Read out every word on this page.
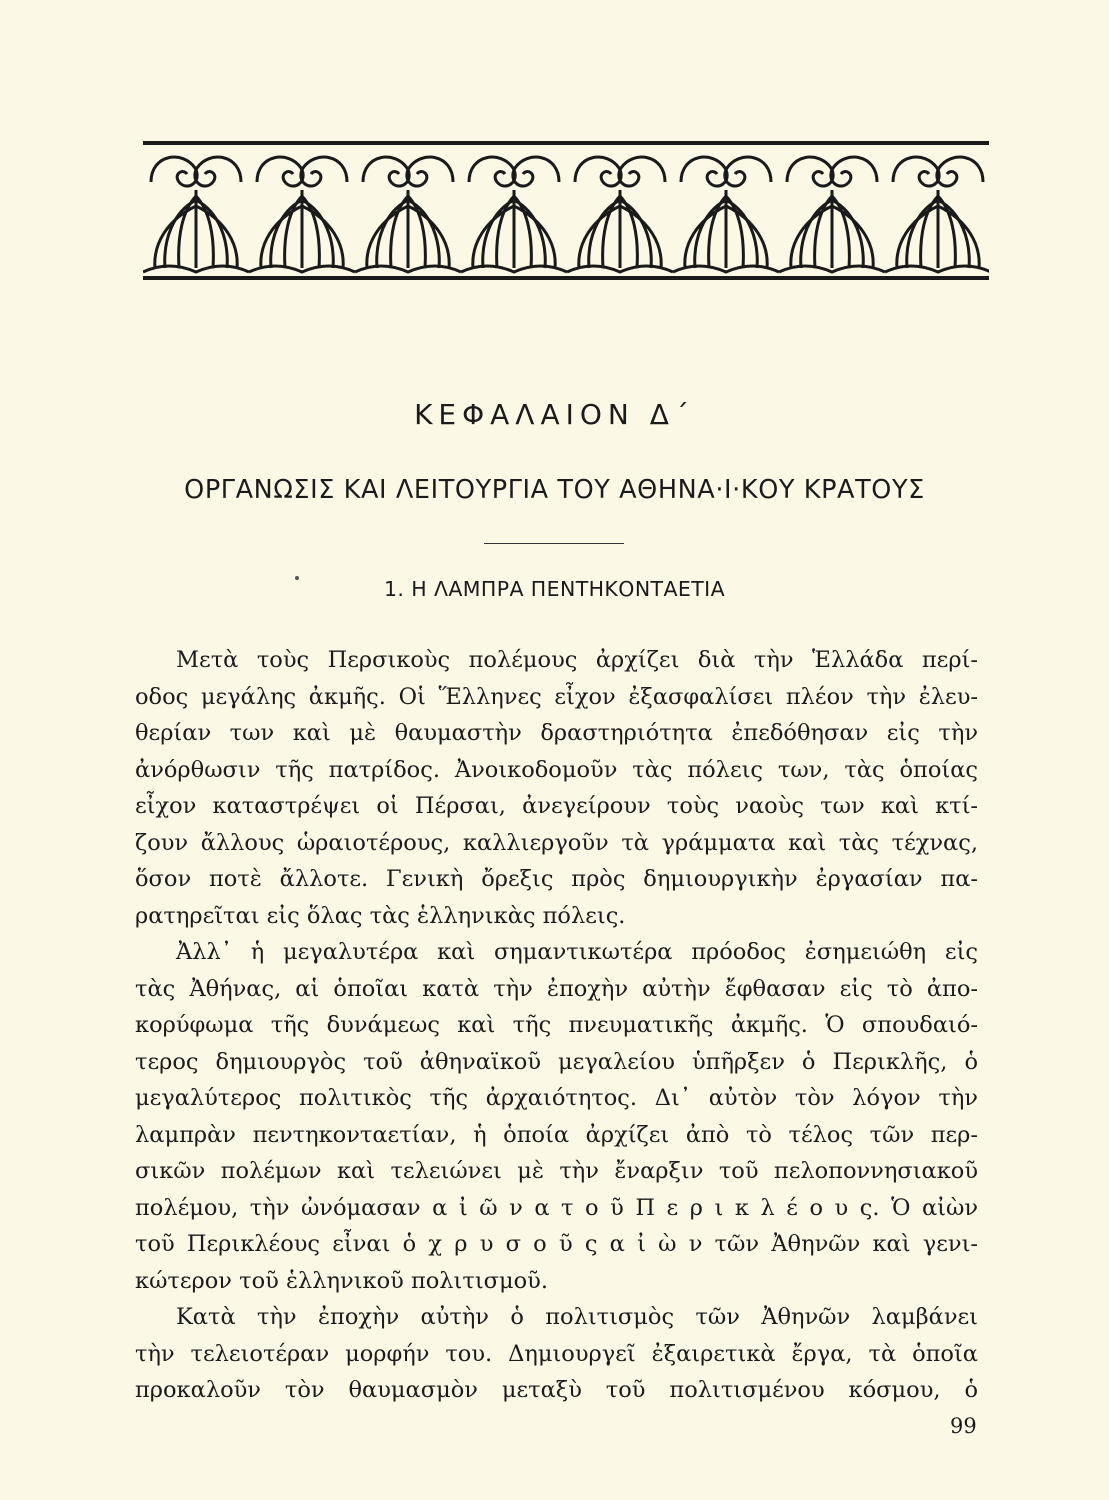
ΚΕΦΑΛΑΙΟΝ Δ΄
ΟΡΓΑΝΩΣΙΣ ΚΑΙ ΛΕΙΤΟΥΡΓΙΑ ΤΟΥ ΑΘΗΝΑ·Ι·ΚΟΥ ΚΡΑΤΟΥΣ
1. Η ΛΑΜΠΡΑ ΠΕΝΤΗΚΟΝΤΑΕΤΙΑ

Μετὰ τοὺς Περσικοὺς πολέμους ἀρχίζει διὰ τὴν Ἑλλάδα περί-
οδος μεγάλης ἀκμῆς. Οἱ Ἕλληνες εἶχον ἐξασφαλίσει πλέον τὴν ἐλευ-
θερίαν των καὶ μὲ θαυμαστὴν δραστηριότητα ἐπεδόθησαν εἰς τὴν
ἀνόρθωσιν τῆς πατρίδος. Ἀνοικοδομοῦν τὰς πόλεις των, τὰς ὁποίας
εἶχον καταστρέψει οἱ Πέρσαι, ἀνεγείρουν τοὺς ναοὺς των καὶ κτί-
ζουν ἄλλους ὡραιοτέρους, καλλιεργοῦν τὰ γράμματα καὶ τὰς τέχνας,
ὅσον ποτὲ ἄλλοτε. Γενικὴ ὄρεξις πρὸς δημιουργικὴν ἐργασίαν πα-
ρατηρεῖται εἰς ὅλας τὰς ἑλληνικὰς πόλεις.

Ἀλλ᾽ ἡ μεγαλυτέρα καὶ σημαντικωτέρα πρόοδος ἐσημειώθη εἰς
τὰς Ἀθήνας, αἱ ὁποῖαι κατὰ τὴν ἐποχὴν αὐτὴν ἔφθασαν εἰς τὸ ἀπο-
κορύφωμα τῆς δυνάμεως καὶ τῆς πνευματικῆς ἀκμῆς. Ὁ σπουδαιό-
τερος δημιουργὸς τοῦ ἀθηναϊκοῦ μεγαλείου ὑπῆρξεν ὁ Περικλῆς, ὁ
μεγαλύτερος πολιτικὸς τῆς ἀρχαιότητος. Δι᾽ αὐτὸν τὸν λόγον τὴν
λαμπρὰν πεντηκονταετίαν, ἡ ὁποία ἀρχίζει ἀπὸ τὸ τέλος τῶν περ-
σικῶν πολέμων καὶ τελειώνει μὲ τὴν ἔναρξιν τοῦ πελοποννησιακοῦ
πολέμου, τὴν ὠνόμασαν α ἰ ῶ ν α τ ο ῦ Π ε ρ ι κ λ έ ο υ ς. Ὁ αἰὼν
τοῦ Περικλέους εἶναι ὁ χ ρ υ σ ο ῦ ς α ἰ ὼ ν τῶν Ἀθηνῶν καὶ γενι-
κώτερον τοῦ ἑλληνικοῦ πολιτισμοῦ.

Κατὰ τὴν ἐποχὴν αὐτὴν ὁ πολιτισμὸς τῶν Ἀθηνῶν λαμβάνει
τὴν τελειοτέραν μορφήν του. Δημιουργεῖ ἐξαιρετικὰ ἔργα, τὰ ὁποῖα
προκαλοῦν τὸν θαυμασμὸν μεταξὺ τοῦ πολιτισμένου κόσμου, ὁ

99
